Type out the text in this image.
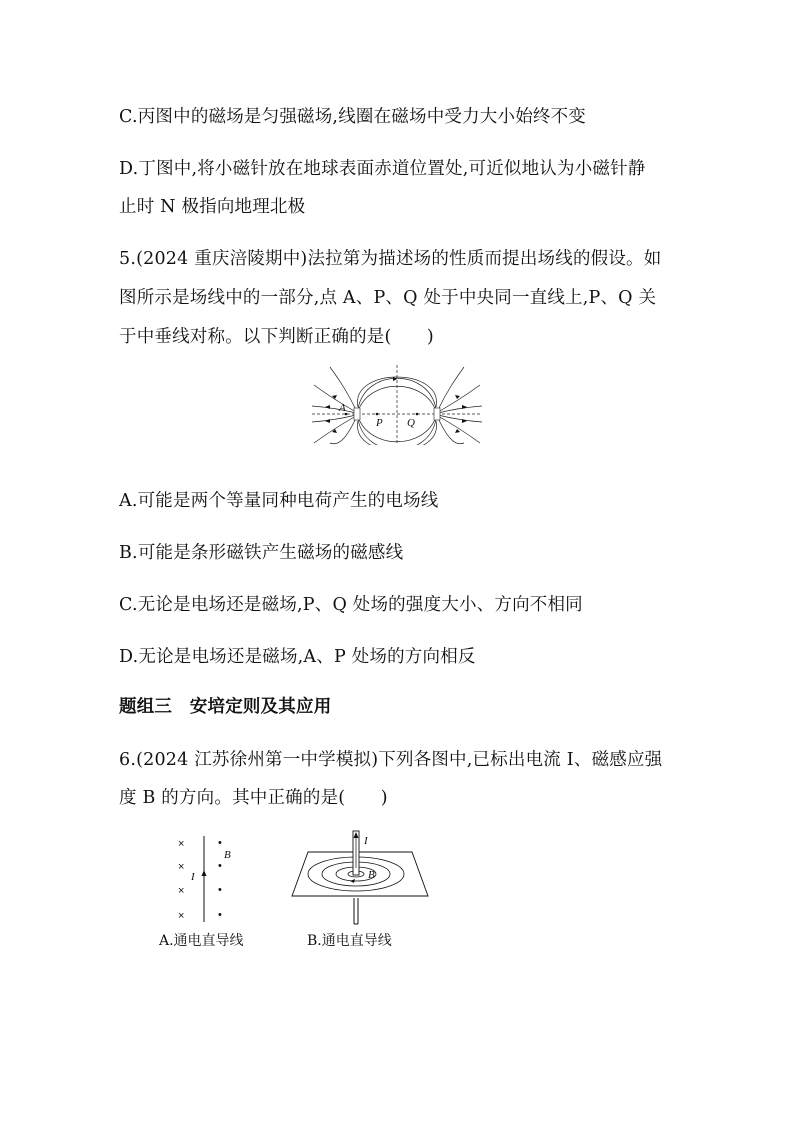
C.丙图中的磁场是匀强磁场,线圈在磁场中受力大小始终不变
D.丁图中,将小磁针放在地球表面赤道位置处,可近似地认为小磁针静
止时 N 极指向地理北极
5.(2024 重庆涪陵期中)法拉第为描述场的性质而提出场线的假设。如
图所示是场线中的一部分,点 A、P、Q 处于中央同一直线上,P、Q 关
于中垂线对称。以下判断正确的是(　　)
A
P Q
A.可能是两个等量同种电荷产生的电场线
B.可能是条形磁铁产生磁场的磁感线
C.无论是电场还是磁场,P、Q 处场的强度大小、方向不相同
D.无论是电场还是磁场,A、P 处场的方向相反
题组三　安培定则及其应用
6.(2024 江苏徐州第一中学模拟)下列各图中,已标出电流 I、磁感应强
度 B 的方向。其中正确的是(　　)
×
×
×
×
•
•
•
•
I
B
A.通电直导线
I
B
B.通电直导线
